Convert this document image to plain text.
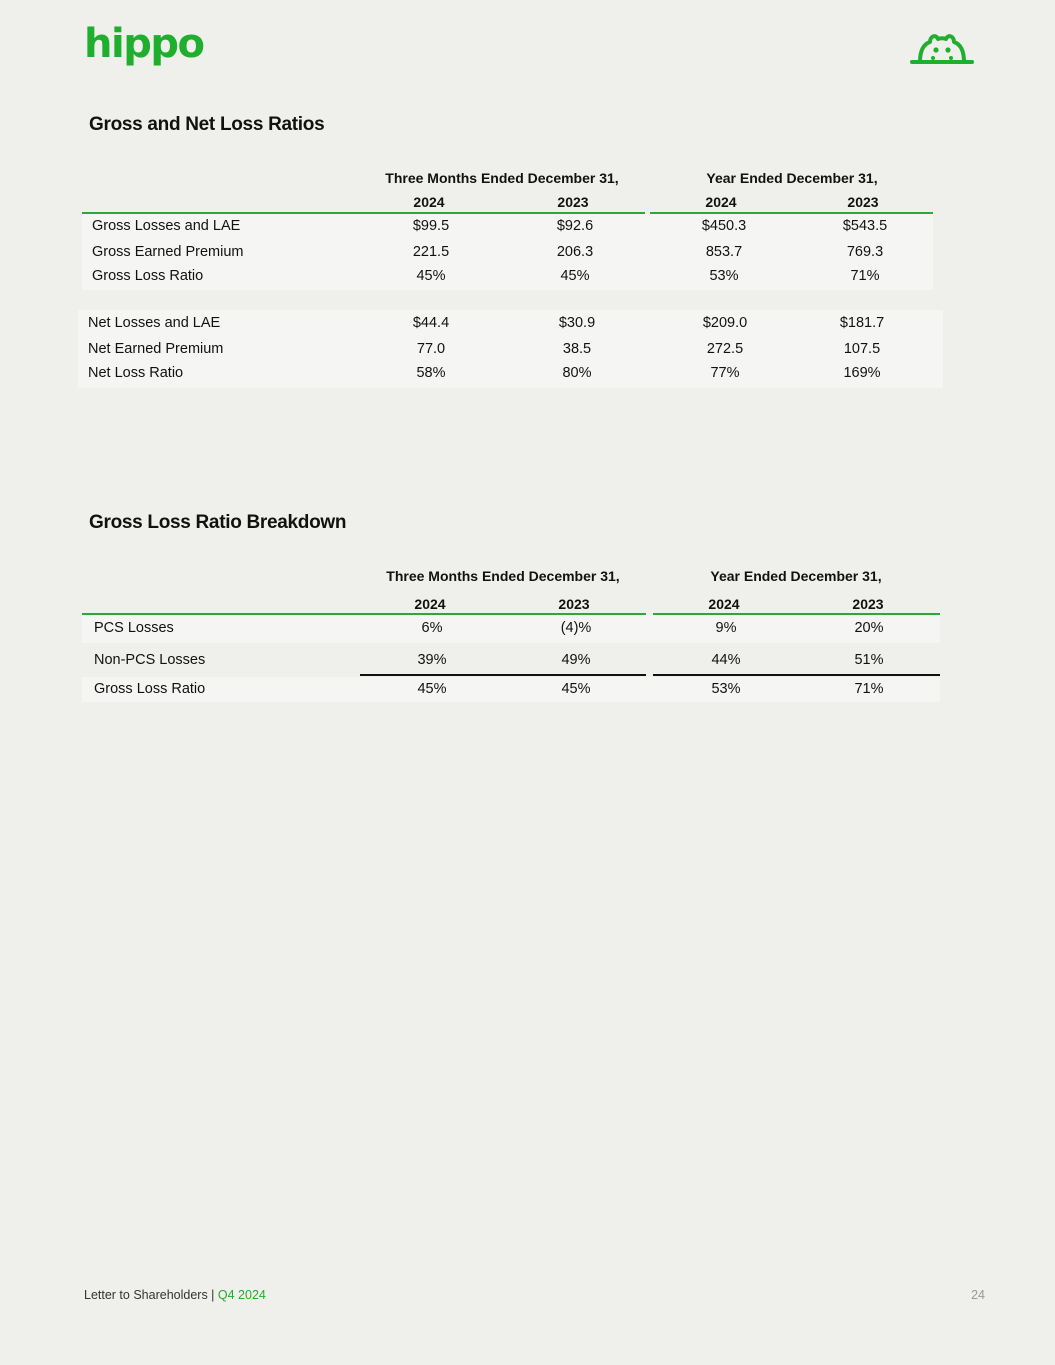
hippo
Gross and Net Loss Ratios
Three Months Ended December 31,	Year Ended December 31,
2024	2023	2024	2023
Gross Losses and LAE	$99.5	$92.6	$450.3	$543.5
Gross Earned Premium	221.5	206.3	853.7	769.3
Gross Loss Ratio	45%	45%	53%	71%
Net Losses and LAE	$44.4	$30.9	$209.0	$181.7
Net Earned Premium	77.0	38.5	272.5	107.5
Net Loss Ratio	58%	80%	77%	169%
Gross Loss Ratio Breakdown
Three Months Ended December 31,	Year Ended December 31,
2024	2023	2024	2023
PCS Losses	6%	(4)%	9%	20%
Non-PCS Losses	39%	49%	44%	51%
Gross Loss Ratio	45%	45%	53%	71%
Letter to Shareholders | Q4 2024	24
